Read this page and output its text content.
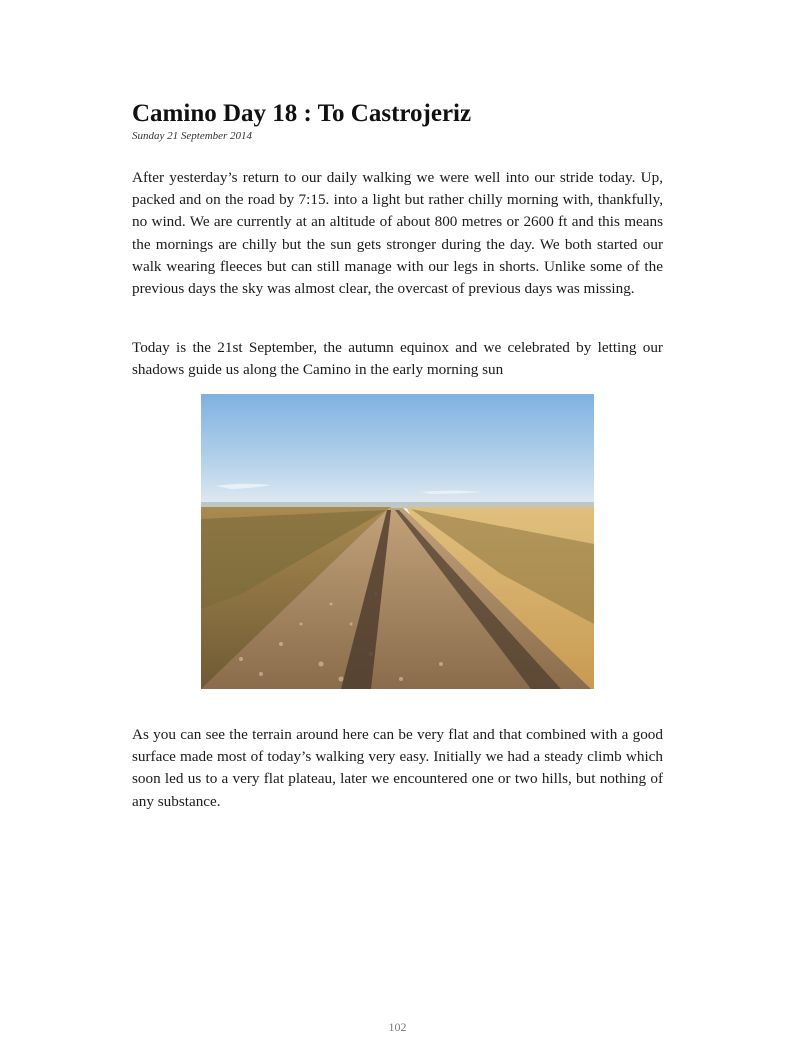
Camino Day 18 : To Castrojeriz

Sunday 21 September 2014

After yesterday’s return to our daily walking we were well into our stride today. Up, packed and on the road by 7:15. into a light but rather chilly morning with, thankfully, no wind. We are currently at an altitude of about 800 metres or 2600 ft and this means the mornings are chilly but the sun gets stronger during the day. We both started our walk wearing fleeces but can still manage with our legs in shorts. Unlike some of the previous days the sky was almost clear, the overcast of previous days was missing.

Today is the 21st September, the autumn equinox and we celebrated by letting our shadows guide us along the Camino in the early morning sun

As you can see the terrain around here can be very flat and that combined with a good surface made most of today’s walking very easy. Initially we had a steady climb which soon led us to a very flat plateau, later we encountered one or two hills, but nothing of any substance.

102
